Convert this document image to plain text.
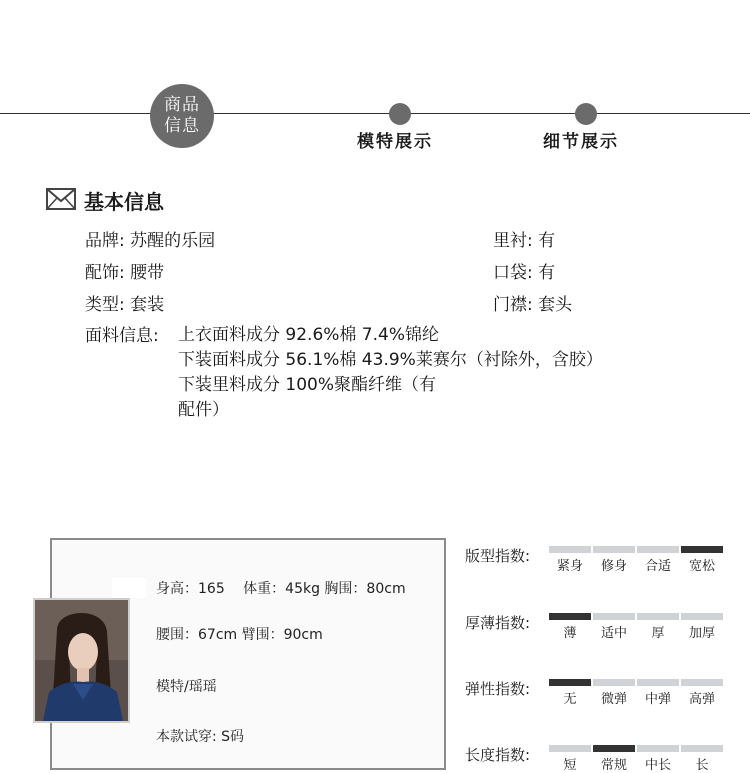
商品
信息
模特展示	细节展示
基本信息
品牌: 苏醒的乐园	里衬: 有
配饰: 腰带	口袋: 有
类型: 套装	门襟: 套头
面料信息: 上衣面料成分 92.6%棉 7.4%锦纶
下装面料成分 56.1%棉 43.9%莱赛尔（衬除外，含胶）
下装里料成分 100%聚酯纤维（有配件）
身高：165　 体重：45kg 胸围：80cm
腰围：67cm 臂围：90cm
模特/瑶瑶
本款试穿: S码
版型指数:
紧身	修身	合适	宽松
厚薄指数:
薄	适中	厚	加厚
弹性指数:
无	微弹	中弹	高弹
长度指数:
短	常规	中长	长
